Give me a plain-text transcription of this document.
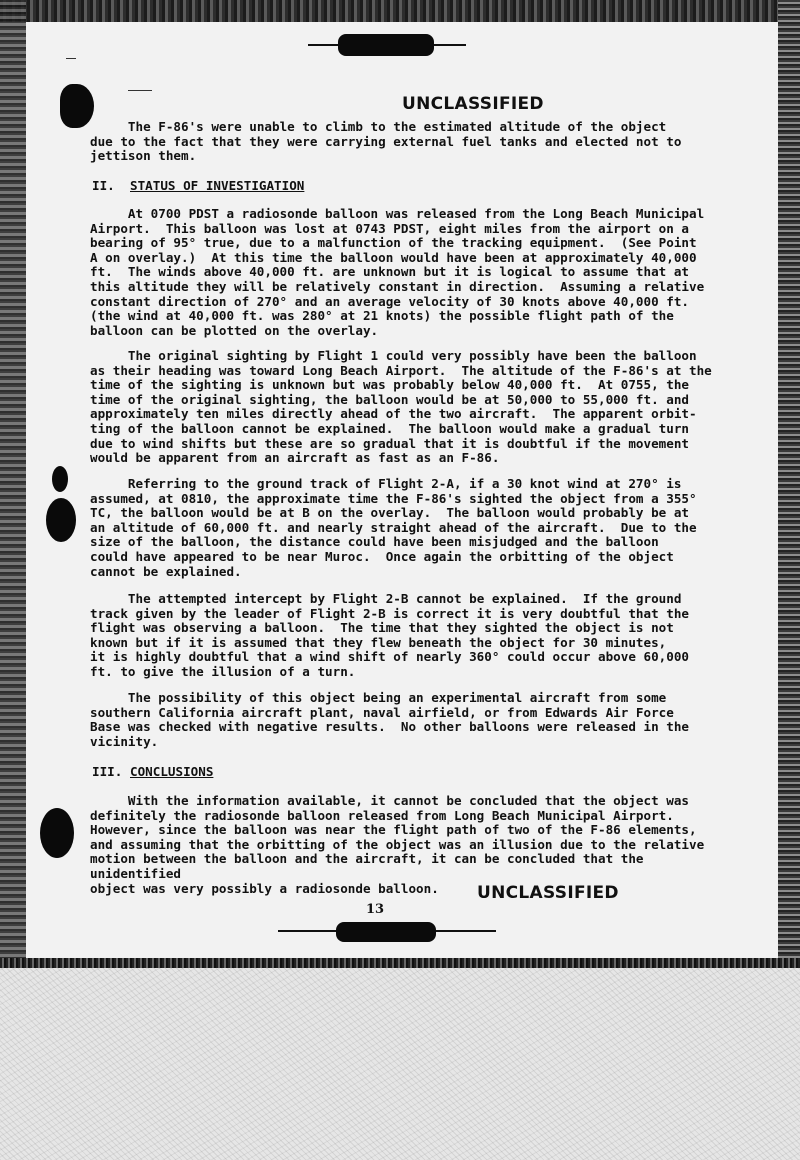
UNCLASSIFIED
The F-86's were unable to climb to the estimated altitude of the object
due to the fact that they were carrying external fuel tanks and elected not to
jettison them.
II. STATUS OF INVESTIGATION
At 0700 PDST a radiosonde balloon was released from the Long Beach Municipal
Airport.  This balloon was lost at 0743 PDST, eight miles from the airport on a
bearing of 95° true, due to a malfunction of the tracking equipment.  (See Point
A on overlay.)  At this time the balloon would have been at approximately 40,000
ft.  The winds above 40,000 ft. are unknown but it is logical to assume that at
this altitude they will be relatively constant in direction.  Assuming a relative
constant direction of 270° and an average velocity of 30 knots above 40,000 ft.
(the wind at 40,000 ft. was 280° at 21 knots) the possible flight path of the
balloon can be plotted on the overlay.
The original sighting by Flight 1 could very possibly have been the balloon
as their heading was toward Long Beach Airport.  The altitude of the F-86's at the
time of the sighting is unknown but was probably below 40,000 ft.  At 0755, the
time of the original sighting, the balloon would be at 50,000 to 55,000 ft. and
approximately ten miles directly ahead of the two aircraft.  The apparent orbit-
ting of the balloon cannot be explained.  The balloon would make a gradual turn
due to wind shifts but these are so gradual that it is doubtful if the movement
would be apparent from an aircraft as fast as an F-86.
Referring to the ground track of Flight 2-A, if a 30 knot wind at 270° is
assumed, at 0810, the approximate time the F-86's sighted the object from a 355°
TC, the balloon would be at B on the overlay.  The balloon would probably be at
an altitude of 60,000 ft. and nearly straight ahead of the aircraft.  Due to the
size of the balloon, the distance could have been misjudged and the balloon
could have appeared to be near Muroc.  Once again the orbitting of the object
cannot be explained.
The attempted intercept by Flight 2-B cannot be explained.  If the ground
track given by the leader of Flight 2-B is correct it is very doubtful that the
flight was observing a balloon.  The time that they sighted the object is not
known but if it is assumed that they flew beneath the object for 30 minutes,
it is highly doubtful that a wind shift of nearly 360° could occur above 60,000
ft. to give the illusion of a turn.
The possibility of this object being an experimental aircraft from some
southern California aircraft plant, naval airfield, or from Edwards Air Force
Base was checked with negative results.  No other balloons were released in the
vicinity.
III. CONCLUSIONS
With the information available, it cannot be concluded that the object was
definitely the radiosonde balloon released from Long Beach Municipal Airport.
However, since the balloon was near the flight path of two of the F-86 elements,
and assuming that the orbitting of the object was an illusion due to the relative
motion between the balloon and the aircraft, it can be concluded that the unidentified
object was very possibly a radiosonde balloon.	UNCLASSIFIED
13
